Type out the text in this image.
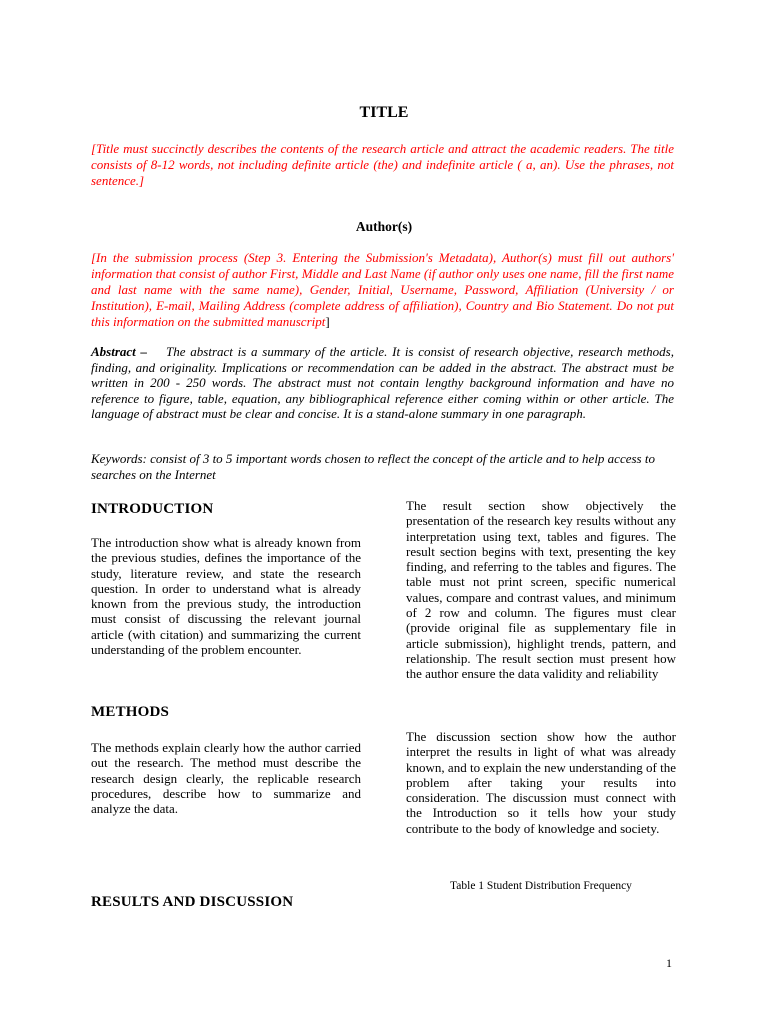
TITLE
[Title must succinctly describes the contents of the research article and attract the academic readers. The title consists of 8-12 words, not including definite article (the) and indefinite article ( a, an). Use the phrases, not sentence.]
Author(s)
[In the submission process (Step 3. Entering the Submission's Metadata), Author(s) must fill out authors' information that consist of author First, Middle and Last Name (if author only uses one name, fill the first name and last name with the same name), Gender, Initial, Username, Password, Affiliation (University / or Institution), E-mail, Mailing Address (complete address of affiliation), Country and Bio Statement. Do not put this information on the submitted manuscript]
Abstract – The abstract is a summary of the article. It is consist of research objective, research methods, finding, and originality. Implications or recommendation can be added in the abstract. The abstract must be written in 200 - 250 words. The abstract must not contain lengthy background information and have no reference to figure, table, equation, any bibliographical reference either coming within or other article. The language of abstract must be clear and concise. It is a stand-alone summary in one paragraph.
Keywords: consist of 3 to 5 important words chosen to reflect the concept of the article and to help access to searches on the Internet
INTRODUCTION
The introduction show what is already known from the previous studies, defines the importance of the study, literature review, and state the research question. In order to understand what is already known from the previous study, the introduction must consist of discussing the relevant journal article (with citation) and summarizing the current understanding of the problem encounter.
METHODS
The methods explain clearly how the author carried out the research. The method must describe the research design clearly, the replicable research procedures, describe how to summarize and analyze the data.
RESULTS AND DISCUSSION
The result section show objectively the presentation of the research key results without any interpretation using text, tables and figures. The result section begins with text, presenting the key finding, and referring to the tables and figures. The table must not print screen, specific numerical values, compare and contrast values, and minimum of 2 row and column. The figures must clear (provide original file as supplementary file in article submission), highlight trends, pattern, and relationship. The result section must present how the author ensure the data validity and reliability
The discussion section show how the author interpret the results in light of what was already known, and to explain the new understanding of the problem after taking your results into consideration. The discussion must connect with the Introduction so it tells how your study contribute to the body of knowledge and society.
Table 1 Student Distribution Frequency
1
